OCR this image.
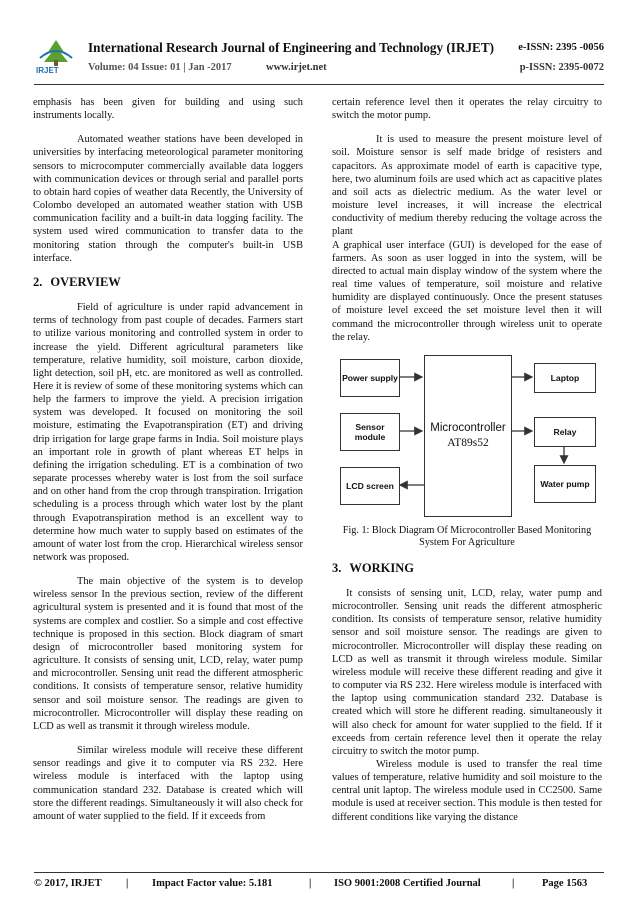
IRJET
International Research Journal of Engineering and Technology (IRJET) e-ISSN: 2395 -0056
Volume: 04 Issue: 01 | Jan -2017	www.irjet.net	p-ISSN: 2395-0072

emphasis has been given for building and using such instruments locally.

Automated weather stations have been developed in universities by interfacing meteorological parameter monitoring sensors to microcomputer commercially available data loggers with communication devices or through serial and parallel ports to obtain hard copies of weather data Recently, the University of Colombo developed an automated weather station with USB communication facility and a built-in data logging facility. The system used wired communication to transfer data to the monitoring station through the computer's built-in USB interface.

2. OVERVIEW

Field of agriculture is under rapid advancement in terms of technology from past couple of decades. Farmers start to utilize various monitoring and controlled system in order to increase the yield. Different agricultural parameters like temperature, relative humidity, soil moisture, carbon dioxide, light detection, soil pH, etc. are monitored as well as controlled. Here it is review of some of these monitoring systems which can help the farmers to improve the yield. A precision irrigation system was developed. It focused on monitoring the soil moisture, estimating the Evapotranspiration (ET) and driving drip irrigation for large grape farms in India. Soil moisture plays an important role in growth of plant whereas ET helps in defining the irrigation scheduling. ET is a combination of two separate processes whereby water is lost from the soil surface and on other hand from the crop through transpiration. Irrigation scheduling is a process through which water lost by the plant through Evapotranspiration method is an excellent way to determine how much water to supply based on estimates of the amount of water lost from the crop. Hierarchical wireless sensor network was proposed.

The main objective of the system is to develop wireless sensor In the previous section, review of the different agricultural system is presented and it is found that most of the systems are complex and costlier. So a simple and cost effective technique is proposed in this section. Block diagram of smart design of microcontroller based monitoring system for agriculture. It consists of sensing unit, LCD, relay, water pump and microcontroller. Sensing unit read the different atmospheric conditions. It consists of temperature sensor, relative humidity sensor and soil moisture sensor. The readings are given to microcontroller. Microcontroller will display these reading on LCD as well as transmit it through wireless module.

Similar wireless module will receive these different sensor readings and give it to computer via RS 232. Here wireless module is interfaced with the laptop using communication standard 232. Database is created which will store the different readings. Simultaneously it will also check for amount of water supplied to the field. If it exceeds from

certain reference level then it operates the relay circuitry to switch the motor pump.

It is used to measure the present moisture level of soil. Moisture sensor is self made bridge of resisters and capacitors. As approximate model of earth is capacitive type, here, two aluminum foils are used which act as capacitive plates and soil acts as dielectric medium. As the water level or moisture level increases, it will increase the electrical conductivity of medium thereby reducing the voltage across the plant

A graphical user interface (GUI) is developed for the ease of farmers. As soon as user logged in into the system, will be directed to actual main display window of the system where the real time values of temperature, soil moisture and relative humidity are displayed continuously. Once the present statuses of moisture level exceed the set moisture level then it will command the microcontroller through wireless unit to operate the relay.

Power supply
Sensor module
LCD screen
Microcontroller
AT89s52
Laptop
Relay
Water pump
Fig. 1: Block Diagram Of Microcontroller Based Monitoring System For Agriculture
3. WORKING

It consists of sensing unit, LCD, relay, water pump and microcontroller. Sensing unit reads the different atmospheric condition. Its consists of temperature sensor, relative humidity sensor and soil moisture sensor. The readings are given to microcontroller. Microcontroller will display these reading on LCD as well as transmit it through wireless module. Similar wireless module will receive these different reading and give it to computer via RS 232. Here wireless module is interfaced with the laptop using communication standard 232. Database is created which will store he different reading. simultaneously it will also check for amount for water supplied to the field. If it exceeds from certain reference level then it operate the relay circuitry to switch the motor pump.

Wireless module is used to transfer the real time values of temperature, relative humidity and soil moisture to the central unit laptop. The wireless module used in CC2500. Same module is used at receiver section. This module is then tested for different conditions like varying the distance

© 2017, IRJET | Impact Factor value: 5.181	| ISO 9001:2008 Certified Journal	|	Page 1563
